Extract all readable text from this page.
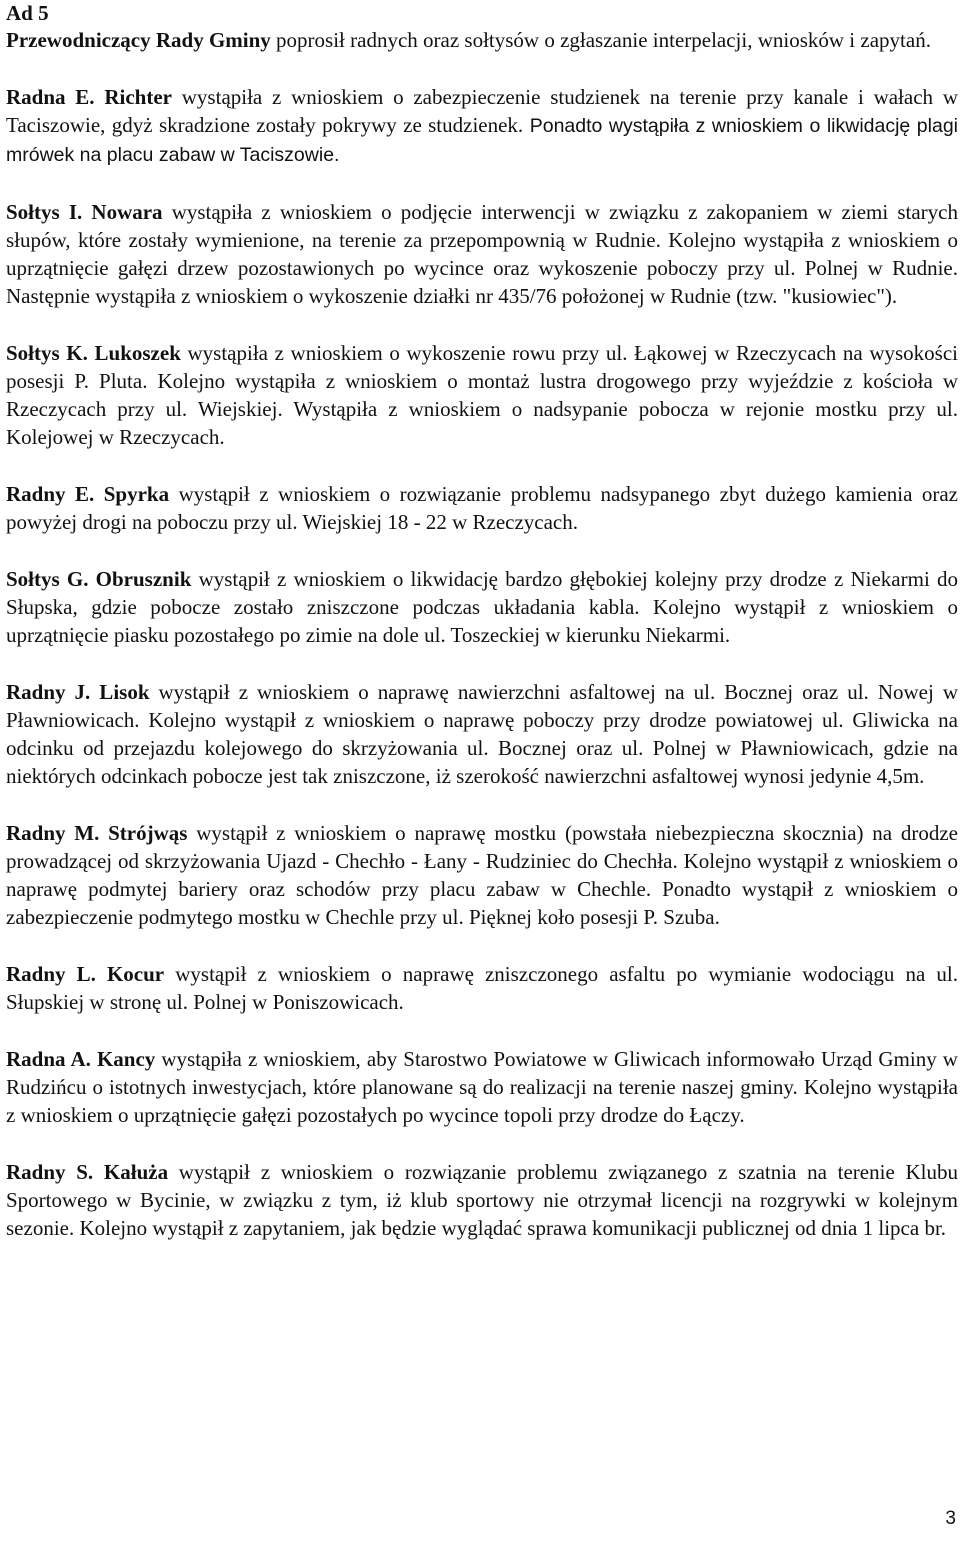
Ad 5

Przewodniczący Rady Gminy poprosił radnych oraz sołtysów o zgłaszanie interpelacji, wniosków i zapytań.

Radna E. Richter wystąpiła z wnioskiem o zabezpieczenie studzienek na terenie przy kanale i wałach w Taciszowie, gdyż skradzione zostały pokrywy ze studzienek. Ponadto wystąpiła z wnioskiem o likwidację plagi mrówek na placu zabaw w Taciszowie.

Sołtys I. Nowara wystąpiła z wnioskiem o podjęcie interwencji w związku z zakopaniem w ziemi starych słupów, które zostały wymienione, na terenie za przepompownią w Rudnie. Kolejno wystąpiła z wnioskiem o uprzątnięcie gałęzi drzew pozostawionych po wycince oraz wykoszenie poboczy przy ul. Polnej w Rudnie. Następnie wystąpiła z wnioskiem o wykoszenie działki nr 435/76 położonej w Rudnie (tzw. "kusiowiec").

Sołtys K. Lukoszek wystąpiła z wnioskiem o wykoszenie rowu przy ul. Łąkowej w Rzeczycach na wysokości posesji P. Pluta. Kolejno wystąpiła z wnioskiem o montaż lustra drogowego przy wyjeździe z kościoła w Rzeczycach przy ul. Wiejskiej. Wystąpiła z wnioskiem o nadsypanie pobocza w rejonie mostku przy ul. Kolejowej w Rzeczycach.

Radny E. Spyrka wystąpił z wnioskiem o rozwiązanie problemu nadsypanego zbyt dużego kamienia oraz powyżej drogi na poboczu przy ul. Wiejskiej 18 - 22 w Rzeczycach.

Sołtys G. Obrusznik wystąpił z wnioskiem o likwidację bardzo głębokiej kolejny przy drodze z Niekarmi do Słupska, gdzie pobocze zostało zniszczone podczas układania kabla. Kolejno wystąpił z wnioskiem o uprzątnięcie piasku pozostałego po zimie na dole ul. Toszeckiej w kierunku Niekarmi.

Radny J. Lisok wystąpił z wnioskiem o naprawę nawierzchni asfaltowej na ul. Bocznej oraz ul. Nowej w Pławniowicach. Kolejno wystąpił z wnioskiem o naprawę poboczy przy drodze powiatowej ul. Gliwicka na odcinku od przejazdu kolejowego do skrzyżowania ul. Bocznej oraz ul. Polnej w Pławniowicach, gdzie na niektórych odcinkach pobocze jest tak zniszczone, iż szerokość nawierzchni asfaltowej wynosi jedynie 4,5m.

Radny M. Strójwąs wystąpił z wnioskiem o naprawę mostku (powstała niebezpieczna skocznia) na drodze prowadzącej od skrzyżowania Ujazd - Chechło - Łany - Rudziniec do Chechła. Kolejno wystąpił z wnioskiem o naprawę podmytej bariery oraz schodów przy placu zabaw w Chechle. Ponadto wystąpił z wnioskiem o zabezpieczenie podmytego mostku w Chechle przy ul. Pięknej koło posesji P. Szuba.

Radny L. Kocur wystąpił z wnioskiem o naprawę zniszczonego asfaltu po wymianie wodociągu na ul. Słupskiej w stronę ul. Polnej w Poniszowicach.

Radna A. Kancy wystąpiła z wnioskiem, aby Starostwo Powiatowe w Gliwicach informowało Urząd Gminy w Rudzińcu o istotnych inwestycjach, które planowane są do realizacji na terenie naszej gminy. Kolejno wystąpiła z wnioskiem o uprzątnięcie gałęzi pozostałych po wycince topoli przy drodze do Łączy.

Radny S. Kałuża wystąpił z wnioskiem o rozwiązanie problemu związanego z szatnia na terenie Klubu Sportowego w Bycinie, w związku z tym, iż klub sportowy nie otrzymał licencji na rozgrywki w kolejnym sezonie. Kolejno wystąpił z zapytaniem, jak będzie wyglądać sprawa komunikacji publicznej od dnia 1 lipca br.

3
